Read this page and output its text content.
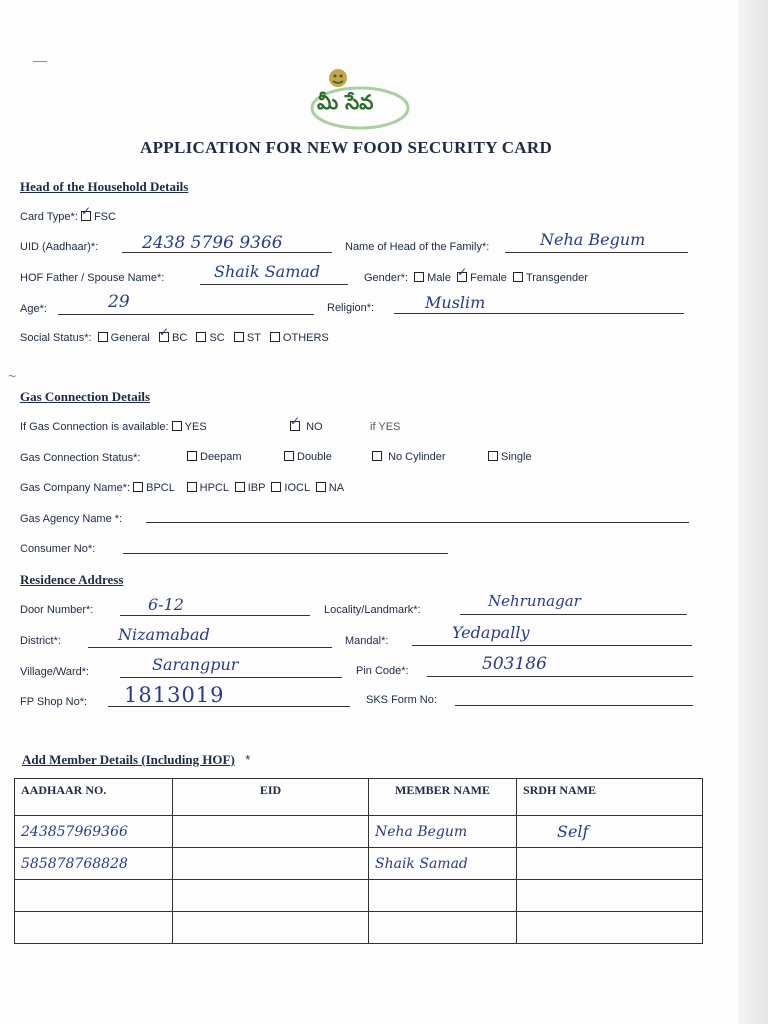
—
మీ సేవ
APPLICATION FOR NEW FOOD SECURITY CARD
Head of the Household Details
Card Type*: ✓ FSC
UID (Aadhaar)*:	2438 5796 9366	Name of Head of the Family*:	Neha Begum
HOF Father / Spouse Name*:	Shaik Samad	Gender*: Male ✓ Female Transgender
Age*:	29	Religion*:	Muslim
Social Status*: General ✓ BC SC ST OTHERS
~
Gas Connection Details
If Gas Connection is available: YES ✓	NO	if YES
Gas Connection Status*:	Deepam	Double	No Cylinder	Single
Gas Company Name*: BPCL HPCL IBP IOCL NA
Gas Agency Name *:
Consumer No*:
Residence Address
Door Number*:	6-12	Locality/Landmark*:	Nehrunagar
District*:	Nizamabad	Mandal*:	Yedapally
Village/Ward*:	Sarangpur	Pin Code*:	503186
FP Shop No*: 1813019	SKS Form No:
Add Member Details (Including HOF) *
AADHAAR NO.	EID	MEMBER NAME	SRDH NAME
243857969366		Neha Begum	Self
585878768828		Shaik Samad	
